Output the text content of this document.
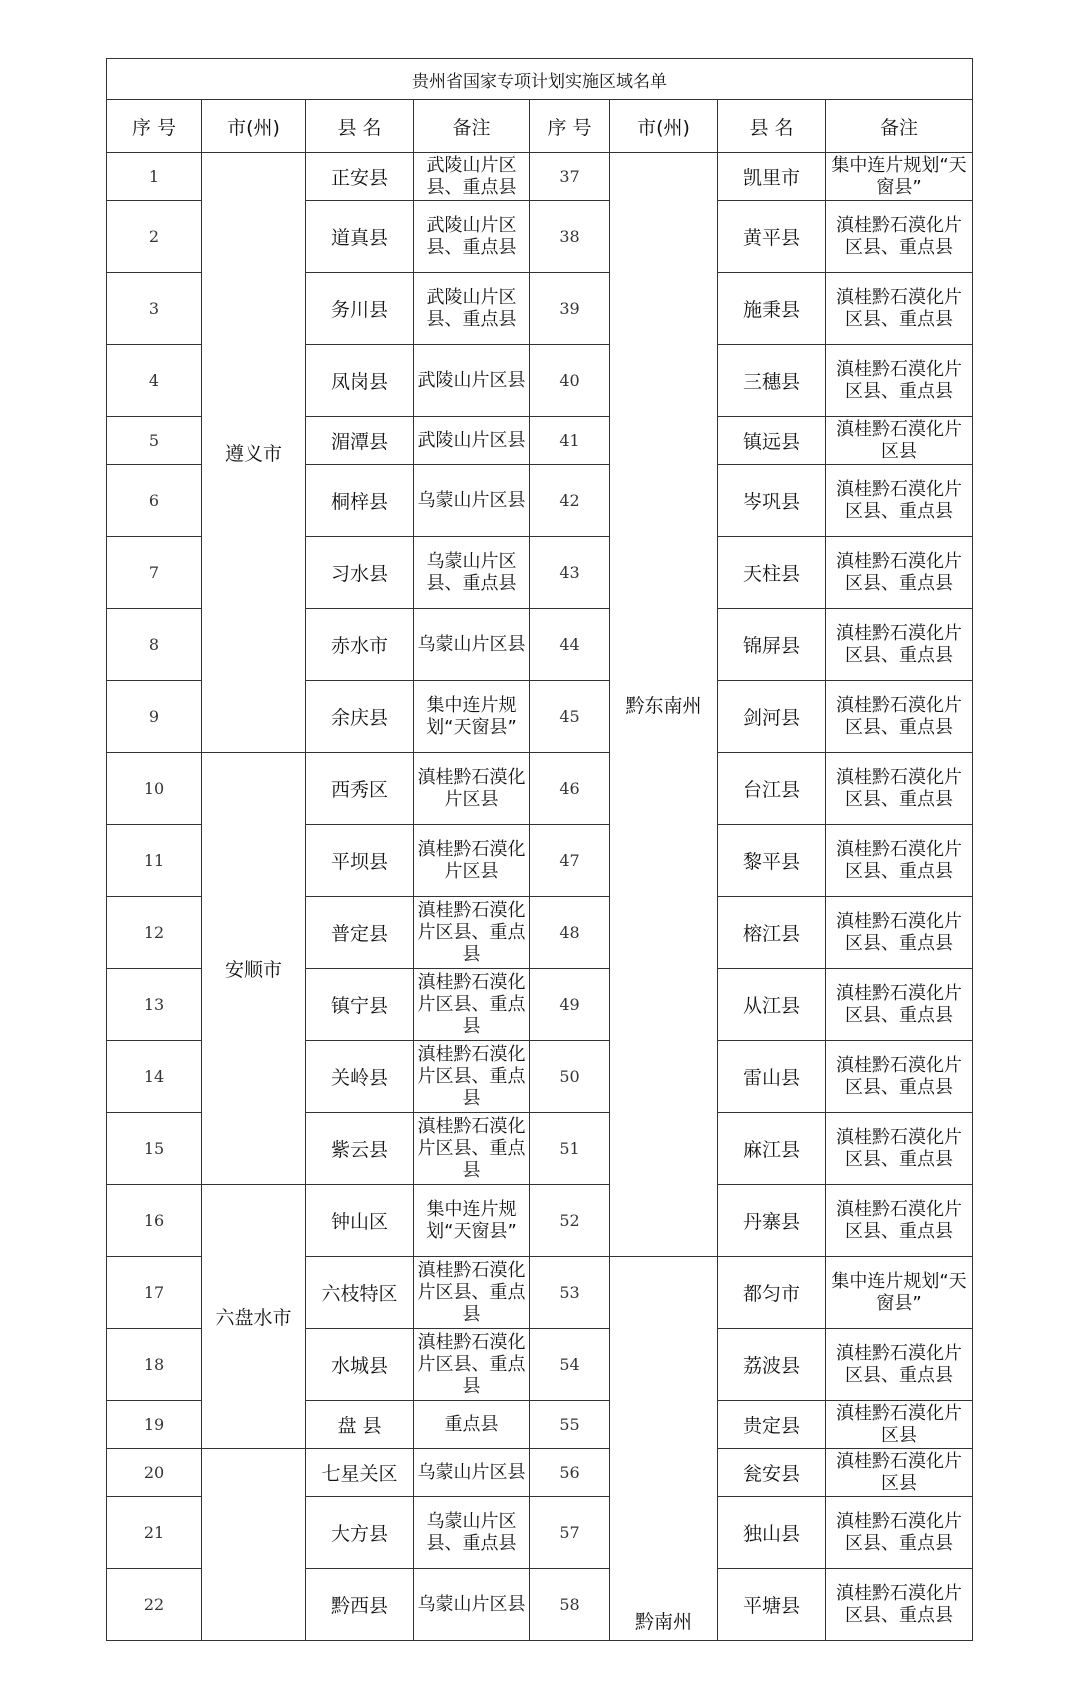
贵州省国家专项计划实施区域名单							
序 号	市(州)	县 名	备注	序 号	市(州)	县 名	备注
1	遵义市	正安县	武陵山片区县、重点县	37	黔东南州	凯里市	集中连片规划“天窗县”
2		道真县	武陵山片区县、重点县	38		黄平县	滇桂黔石漠化片区县、重点县
3		务川县	武陵山片区县、重点县	39		施秉县	滇桂黔石漠化片区县、重点县
4		凤岗县	武陵山片区县	40		三穗县	滇桂黔石漠化片区县、重点县
5		湄潭县	武陵山片区县	41		镇远县	滇桂黔石漠化片区县
6		桐梓县	乌蒙山片区县	42		岑巩县	滇桂黔石漠化片区县、重点县
7		习水县	乌蒙山片区县、重点县	43		天柱县	滇桂黔石漠化片区县、重点县
8		赤水市	乌蒙山片区县	44		锦屏县	滇桂黔石漠化片区县、重点县
9		余庆县	集中连片规划“天窗县”	45		剑河县	滇桂黔石漠化片区县、重点县
10	安顺市	西秀区	滇桂黔石漠化片区县	46		台江县	滇桂黔石漠化片区县、重点县
11		平坝县	滇桂黔石漠化片区县	47		黎平县	滇桂黔石漠化片区县、重点县
12		普定县	滇桂黔石漠化片区县、重点县	48		榕江县	滇桂黔石漠化片区县、重点县
13		镇宁县	滇桂黔石漠化片区县、重点县	49		从江县	滇桂黔石漠化片区县、重点县
14		关岭县	滇桂黔石漠化片区县、重点县	50		雷山县	滇桂黔石漠化片区县、重点县
15		紫云县	滇桂黔石漠化片区县、重点县	51		麻江县	滇桂黔石漠化片区县、重点县
16	六盘水市	钟山区	集中连片规划“天窗县”	52		丹寨县	滇桂黔石漠化片区县、重点县
17		六枝特区	滇桂黔石漠化片区县、重点县	53	黔南州	都匀市	集中连片规划“天窗县”
18		水城县	滇桂黔石漠化片区县、重点县	54		荔波县	滇桂黔石漠化片区县、重点县
19		盘 县	重点县	55		贵定县	滇桂黔石漠化片区县
20		七星关区	乌蒙山片区县	56		瓮安县	滇桂黔石漠化片区县
21		大方县	乌蒙山片区县、重点县	57		独山县	滇桂黔石漠化片区县、重点县
22		黔西县	乌蒙山片区县	58		平塘县	滇桂黔石漠化片区县、重点县
